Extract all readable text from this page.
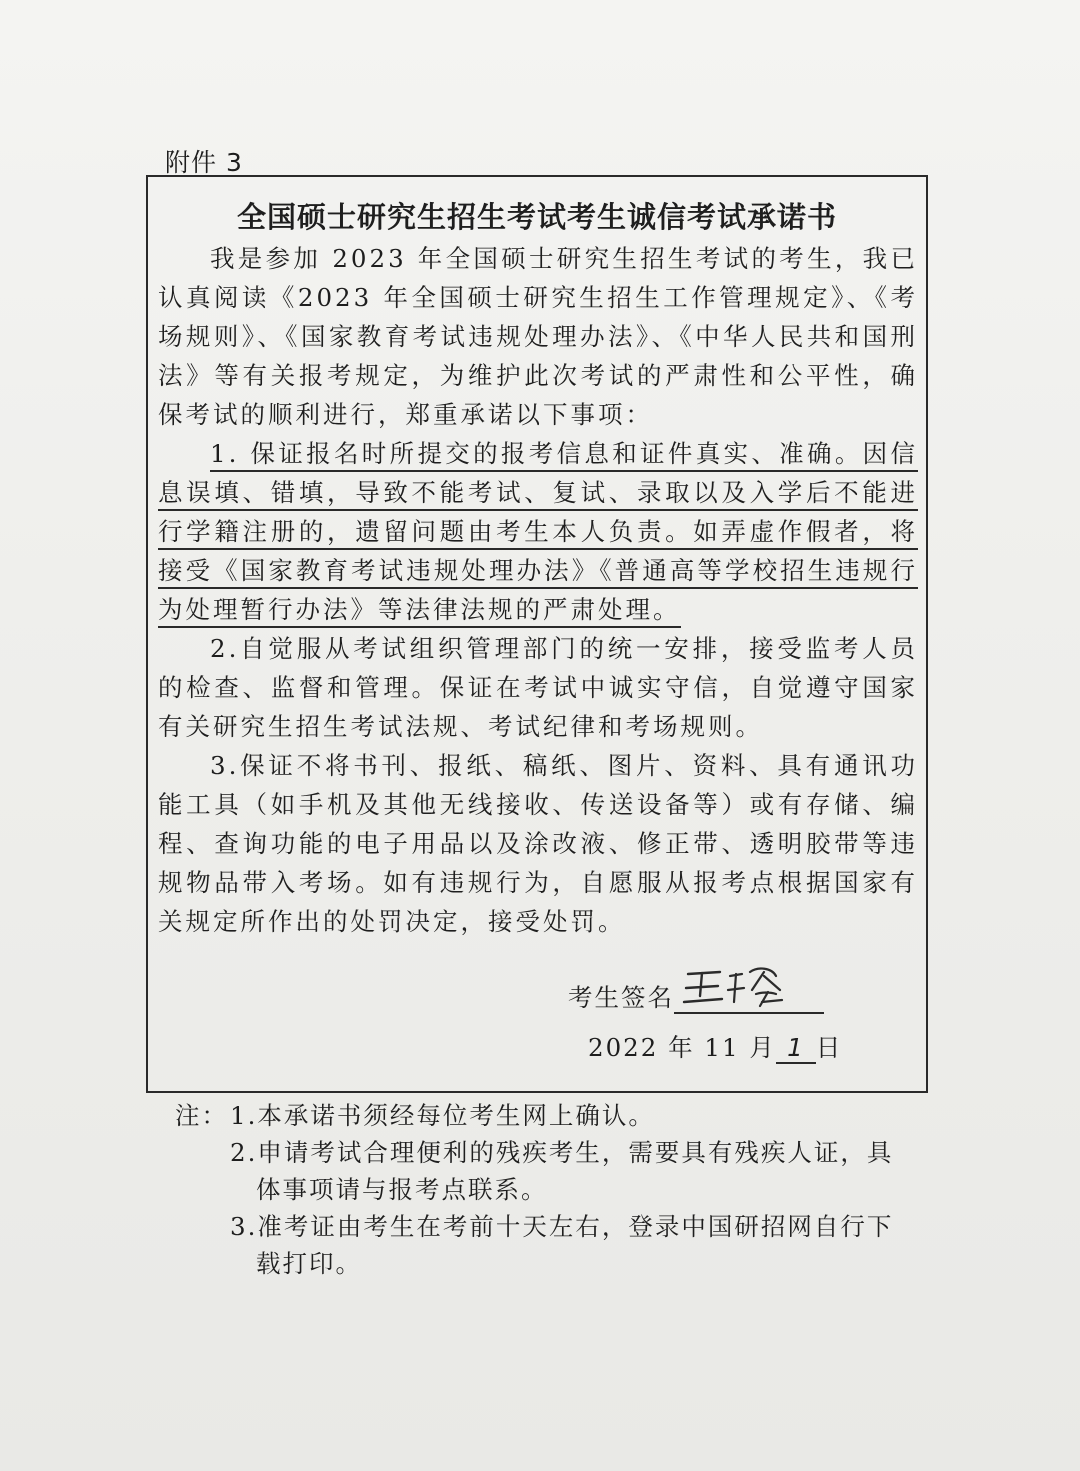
附件 3
全国硕士研究生招生考试考生诚信考试承诺书

我是参加 2023 年全国硕士研究生招生考试的考生，我已认真阅读《2023 年全国硕士研究生招生工作管理规定》、《考场规则》、《国家教育考试违规处理办法》、《中华人民共和国刑法》等有关报考规定，为维护此次考试的严肃性和公平性，确保考试的顺利进行，郑重承诺以下事项：

1. 保证报名时所提交的报考信息和证件真实、准确。因信息误填、错填，导致不能考试、复试、录取以及入学后不能进行学籍注册的，遗留问题由考生本人负责。如弄虚作假者，将接受《国家教育考试违规处理办法》《普通高等学校招生违规行为处理暂行办法》等法律法规的严肃处理。

2.自觉服从考试组织管理部门的统一安排，接受监考人员的检查、监督和管理。保证在考试中诚实守信，自觉遵守国家有关研究生招生考试法规、考试纪律和考场规则。

3.保证不将书刊、报纸、稿纸、图片、资料、具有通讯功能工具（如手机及其他无线接收、传送设备等）或有存储、编程、查询功能的电子用品以及涂改液、修正带、透明胶带等违规物品带入考场。如有违规行为，自愿服从报考点根据国家有关规定所作出的处罚决定，接受处罚。

考生签名
2022 年 11 月 1 日
注： 1.本承诺书须经每位考生网上确认。
2.申请考试合理便利的残疾考生，需要具有残疾人证，具体事项请与报考点联系。
3.准考证由考生在考前十天左右，登录中国研招网自行下载打印。
